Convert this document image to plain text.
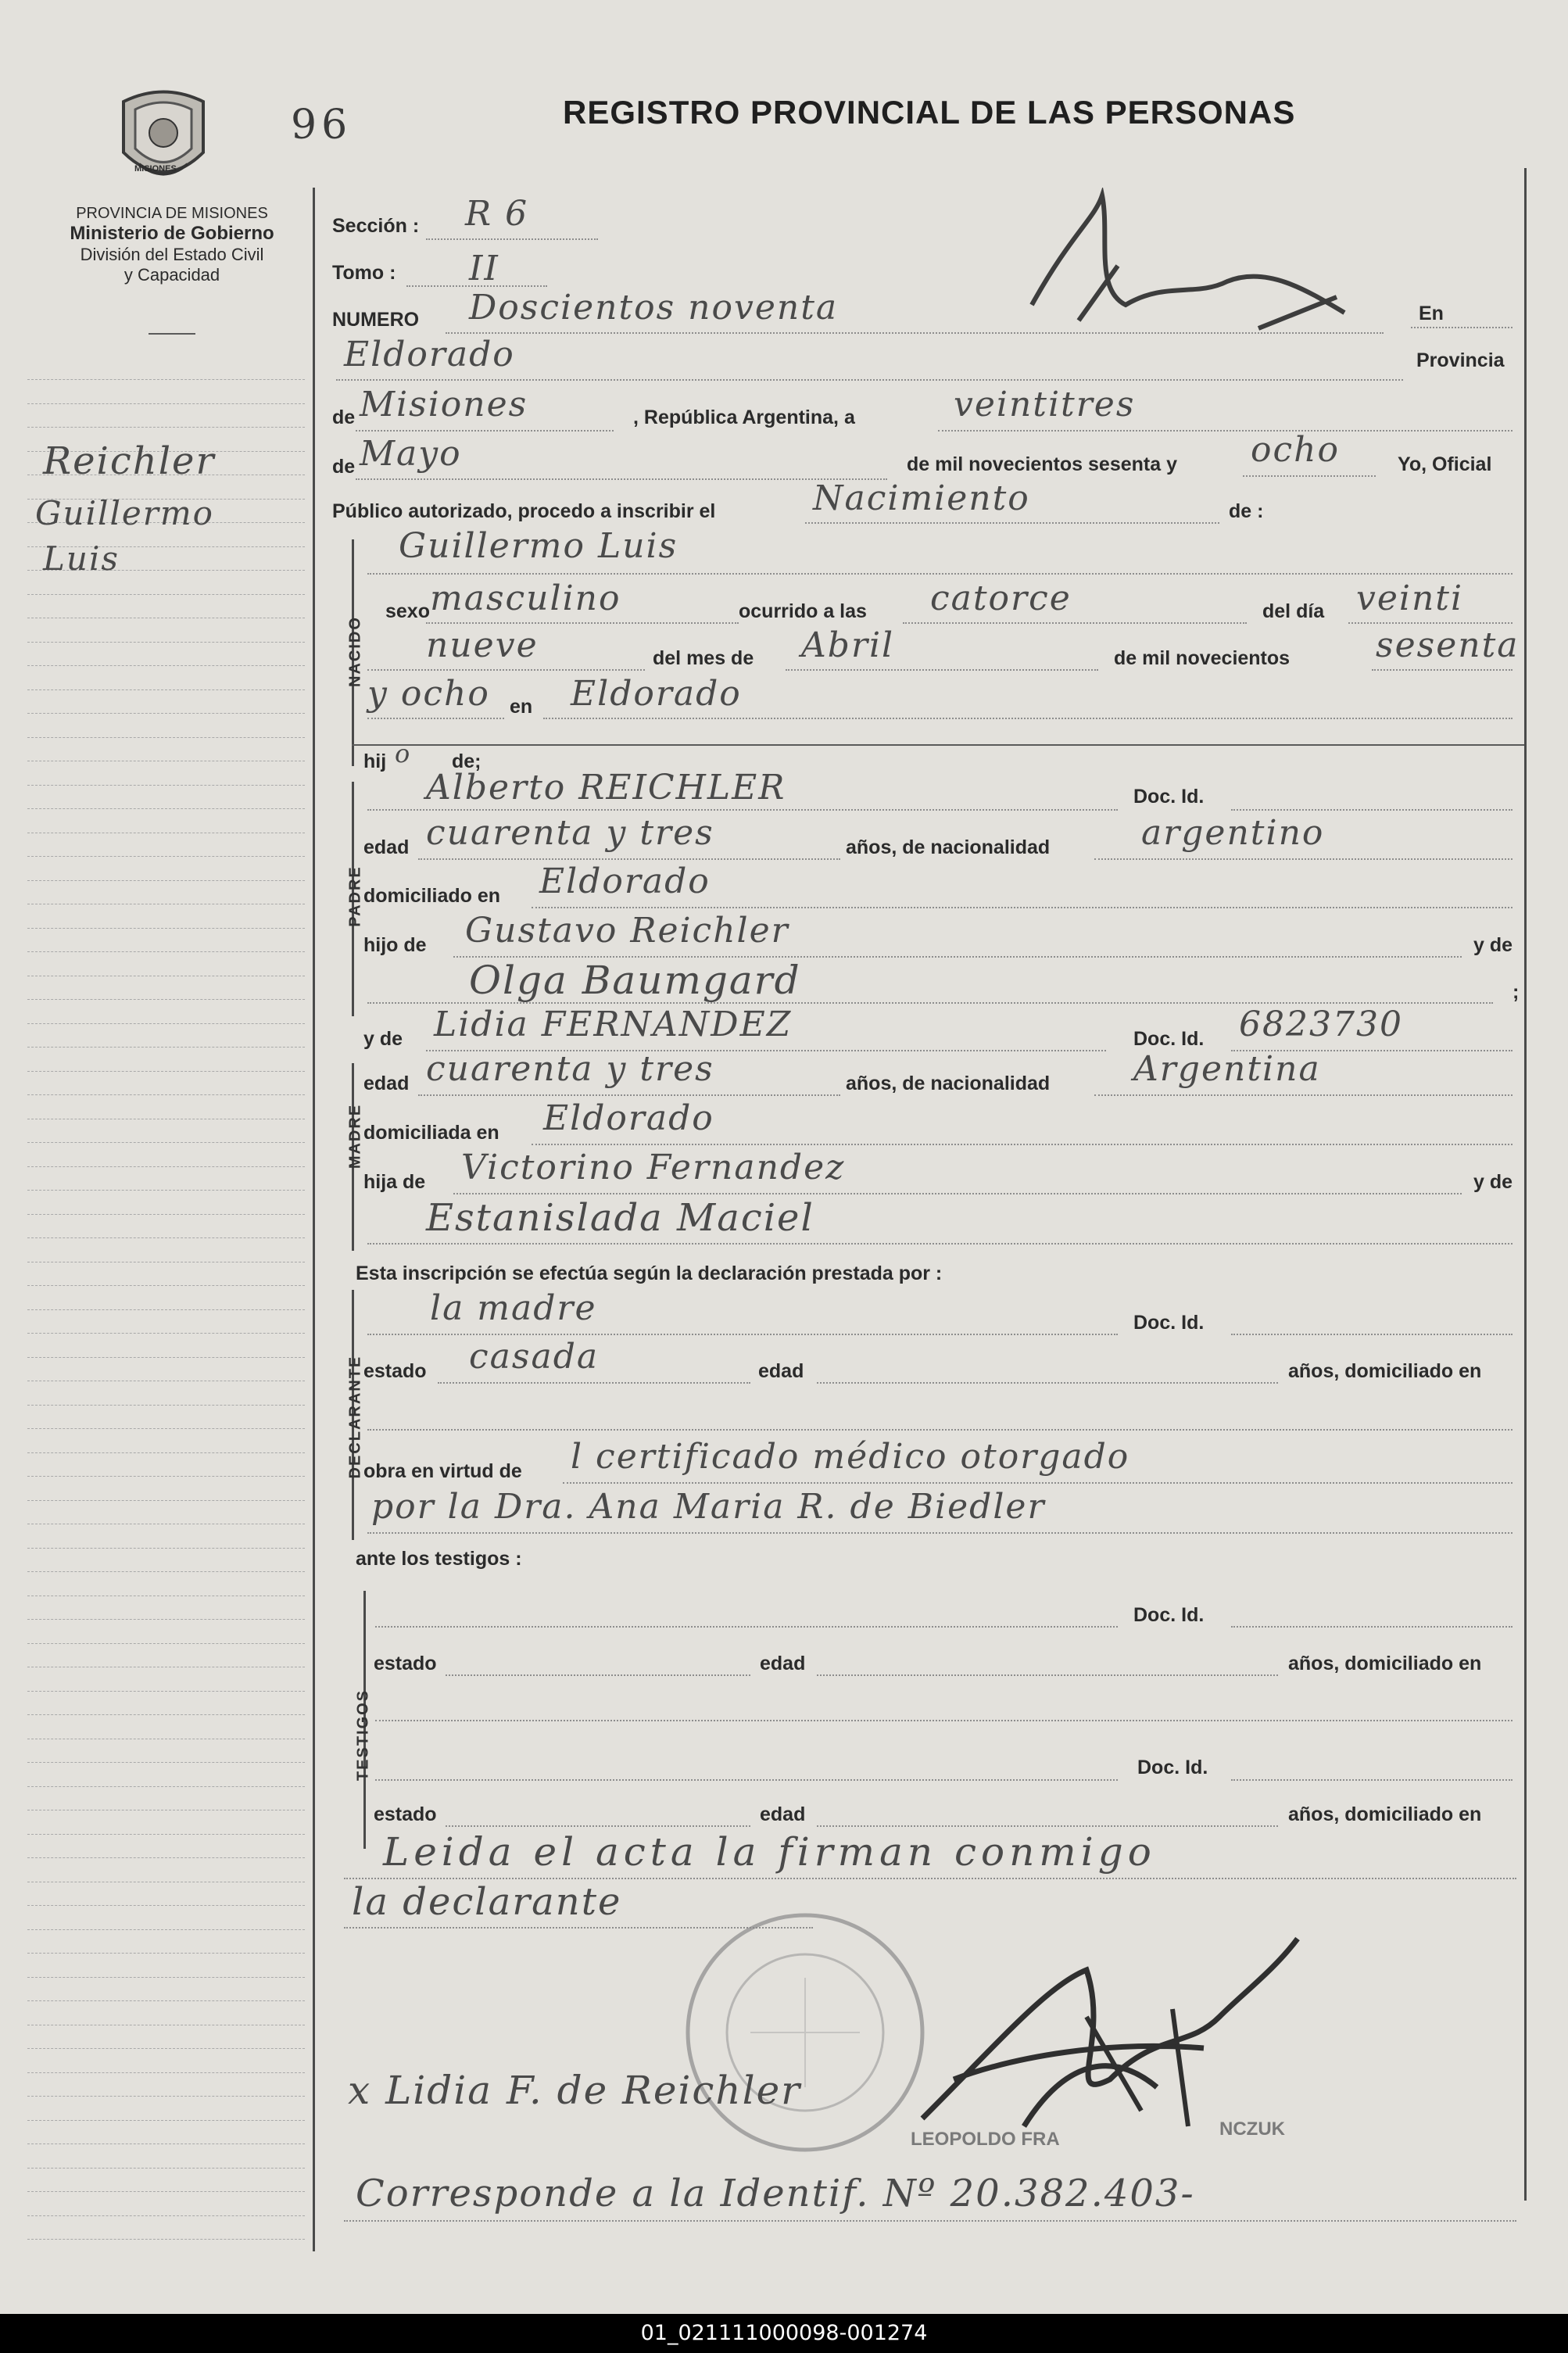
MISIONES
96	REGISTRO PROVINCIAL DE LAS PERSONAS
PROVINCIA DE MISIONES
Ministerio de Gobierno
División del Estado Civil
y Capacidad
Reichler
Guillermo
Luis
Sección : R 6
Tomo : II
NUMERO Doscientos noventa	En
Eldorado	Provincia
de Misiones	, República Argentina, a	veintitres
de Mayo	de mil novecientos sesenta y ocho	Yo, Oficial
Público autorizado, procedo a inscribir el	Nacimiento	de :
NACIDO
Guillermo Luis
sexo masculino	ocurrido a las catorce	del día veinti
nueve	del mes de Abril	de mil novecientos sesenta
y ocho en Eldorado
hij o de;
PADRE
Alberto REICHLER	Doc. Id.
edad cuarenta y tres	años, de nacionalidad	argentino
domiciliado en Eldorado
hijo de Gustavo Reichler	y de
Olga Baumgard	;
y de Lidia FERNANDEZ	Doc. Id. 6823730
MADRE
edad cuarenta y tres	años, de nacionalidad Argentina
domiciliada en Eldorado
hija de Victorino Fernandez	y de
Estanislada Maciel
Esta inscripción se efectúa según la declaración prestada por :
DECLARANTE
la madre	Doc. Id.
estado casada	edad	años, domiciliado en
obra en virtud de l certificado médico otorgado
por la Dra. Ana Maria R. de Biedler
ante los testigos :
TESTIGOS
Doc. Id.
estado	edad	años, domiciliado en
Doc. Id.
estado	edad	años, domiciliado en
Leida el acta la firman conmigo
la declarante
LEOPOLDO FRA	NCZUK
x Lidia F. de Reichler
Corresponde a la Identif. Nº 20.382.403-
01_021111000098-001274
